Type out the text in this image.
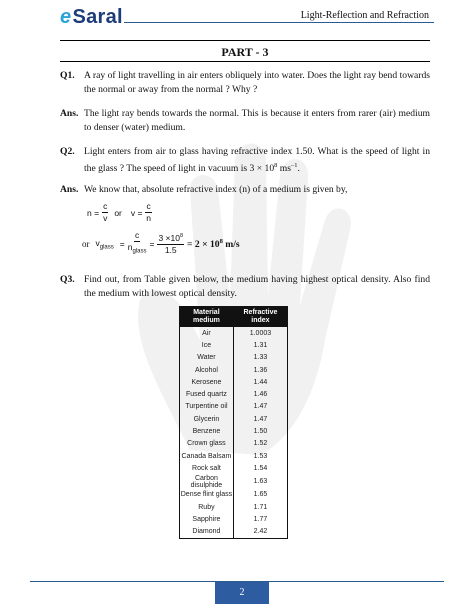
eSaral	Light-Reflection and Refraction
PART - 3
Q1. A ray of light travelling in air enters obliquely into water. Does the light ray bend towards the normal or away from the normal ? Why ?
Ans. The light ray bends towards the normal. This is because it enters from rarer (air) medium to denser (water) medium.
Q2. Light enters from air to glass having refractive index 1.50. What is the speed of light in the glass ? The speed of light in vacuum is $3 \times 10^8$ $ms^{-1}$.
Ans. We know that, absolute refractive index (n) of a medium is given by,
$n = \frac{c}{v}$ or $v = \frac{c}{n}$
or $v_{glass} = \frac{c}{n_{glass}} = \frac{3 \times 10^8}{1.5} = 2 \times 10^8$ m/s
Q3. Find out, from Table given below, the medium having highest optical density. Also find the medium with lowest optical density.
Material medium	Refractive index
Air	1.0003
Ice	1.31
Water	1.33
Alcohol	1.36
Kerosene	1.44
Fused quartz	1.46
Turpentine oil	1.47
Glycerin	1.47
Benzene	1.50
Crown glass	1.52
Canada Balsam	1.53
Rock salt	1.54
Carbon disulphide	1.63
Dense flint glass	1.65
Ruby	1.71
Sapphire	1.77
Diamond	2.42
2
